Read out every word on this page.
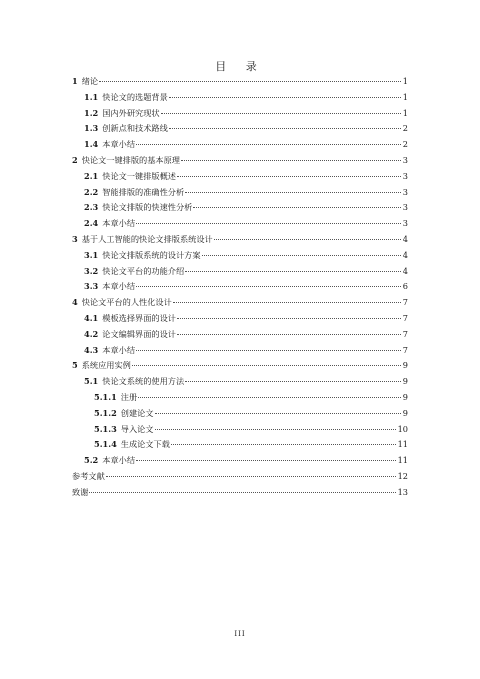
目 录
1 绪论	1
1.1 快论文的选题背景	1
1.2 国内外研究现状	1
1.3 创新点和技术路线	2
1.4 本章小结	2
2 快论文一键排版的基本原理	3
2.1 快论文一键排版概述	3
2.2 智能排版的准确性分析	3
2.3 快论文排版的快速性分析	3
2.4 本章小结	3
3 基于人工智能的快论文排版系统设计	4
3.1 快论文排版系统的设计方案	4
3.2 快论文平台的功能介绍	4
3.3 本章小结	6
4 快论文平台的人性化设计	7
4.1 模板选择界面的设计	7
4.2 论文编辑界面的设计	7
4.3 本章小结	7
5 系统应用实例	9
5.1 快论文系统的使用方法	9
5.1.1 注册	9
5.1.2 创建论文	9
5.1.3 导入论文	10
5.1.4 生成论文下载	11
5.2 本章小结	11
参考文献	12
致谢	13
III
